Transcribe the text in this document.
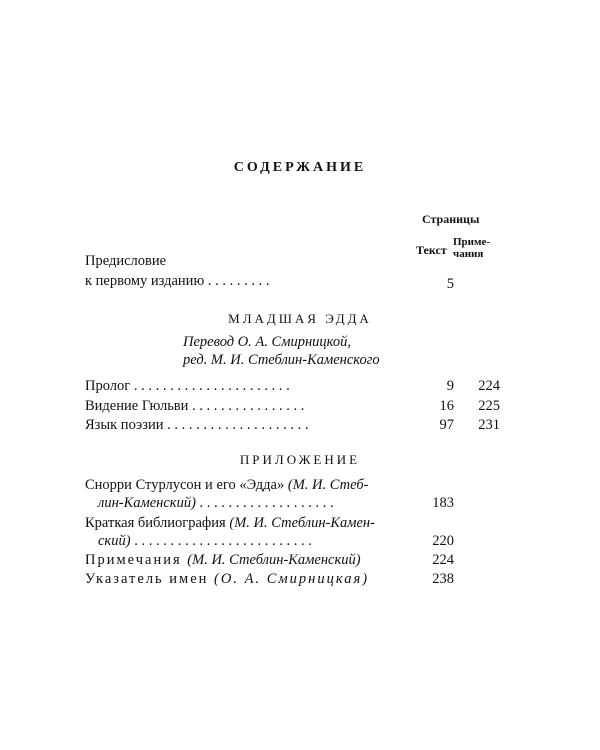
СОДЕРЖАНИЕ
Страницы
Текст
Приме-
чания
Предисловие
к первому изданию . . . . . . . . .	5
МЛАДШАЯ ЭДДА
Перевод О. А. Смирницкой,
ред. М. И. Стеблин-Каменского
Пролог . . . . . . . . . . . . . . . . . . . . . .	9	224
Видение Гюльви . . . . . . . . . . . . . . . .	16	225
Язык поэзии . . . . . . . . . . . . . . . . . . . .	97	231
ПРИЛОЖЕНИЕ
Снорри Стурлусон и его «Эдда» (М. И. Стеб-
лин-Каменский) . . . . . . . . . . . . . . . . . . .	183
Краткая библиография (М. И. Стеблин-Камен-
ский) . . . . . . . . . . . . . . . . . . . . . . . . .	220
Примечания (М. И. Стеблин-Каменский)	224
Указатель имен (О. А. Смирницкая)	238
